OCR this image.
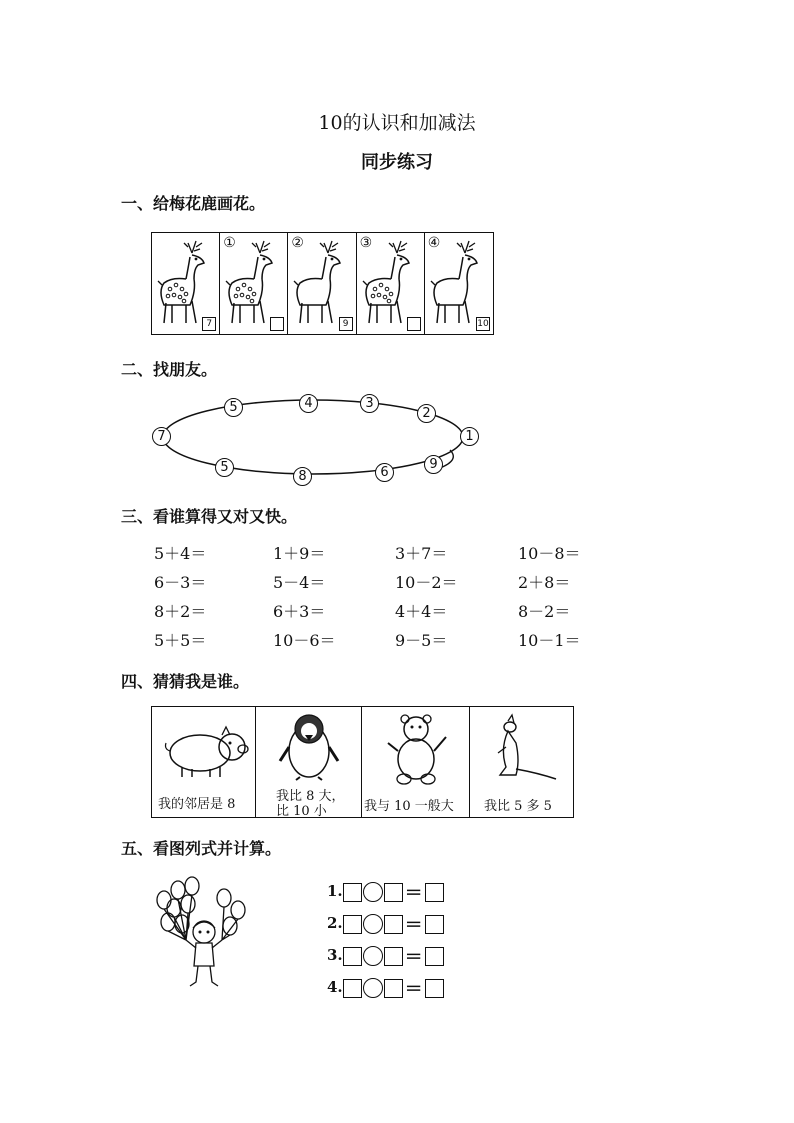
10的认识和加减法
同步练习
一、给梅花鹿画花。
7
①	②
9
③	④
10
二、找朋友。
5	4	3
2
7	1
5
8	6
9
三、看谁算得又对又快。
5＋4＝	1＋9＝	3＋7＝	10－8＝
6－3＝	5－4＝	10－2＝	2＋8＝
8＋2＝	6＋3＝	4＋4＝	8－2＝
5＋5＝	10－6＝	9－5＝	10－1＝
四、猜猜我是谁。
我的邻居是 8
我比 8 大，
比 10 小	我与 10 一般大 我比 5 多 5
五、看图列式并计算。
1.	＝
2.	＝
3.	＝
4.	＝
